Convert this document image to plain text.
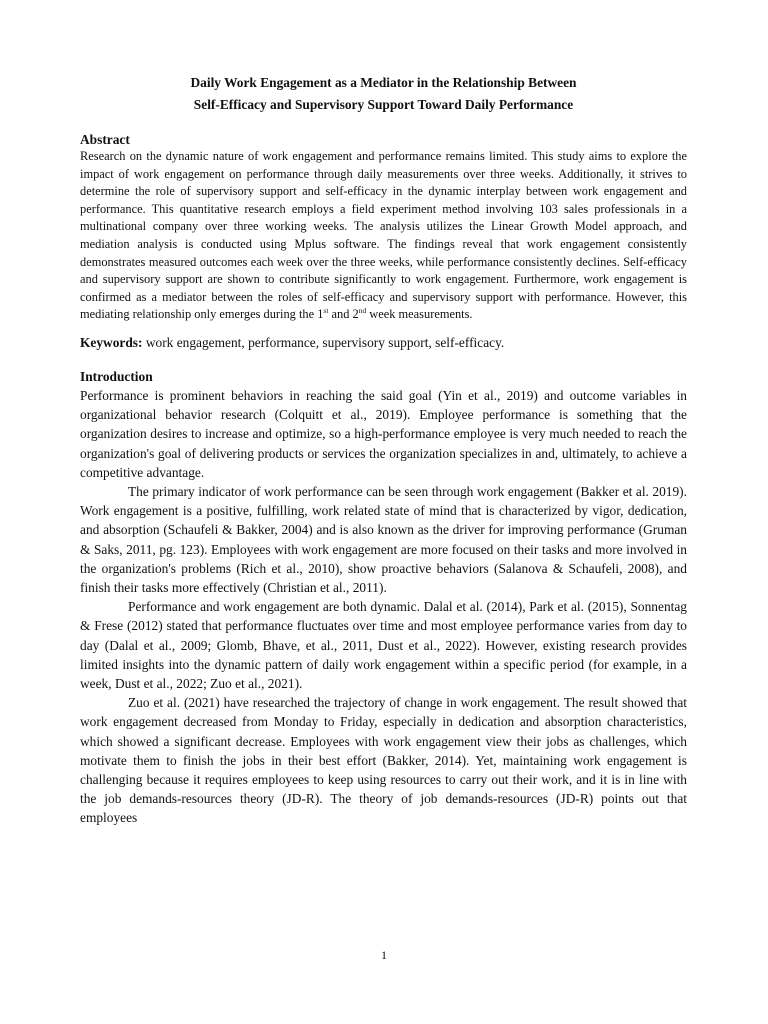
Daily Work Engagement as a Mediator in the Relationship Between
Self-Efficacy and Supervisory Support Toward Daily Performance

Abstract

Research on the dynamic nature of work engagement and performance remains limited. This study aims to explore the impact of work engagement on performance through daily measurements over three weeks. Additionally, it strives to determine the role of supervisory support and self-efficacy in the dynamic interplay between work engagement and performance. This quantitative research employs a field experiment method involving 103 sales professionals in a multinational company over three working weeks. The analysis utilizes the Linear Growth Model approach, and mediation analysis is conducted using Mplus software. The findings reveal that work engagement consistently demonstrates measured outcomes each week over the three weeks, while performance consistently declines. Self-efficacy and supervisory support are shown to contribute significantly to work engagement. Furthermore, work engagement is confirmed as a mediator between the roles of self-efficacy and supervisory support with performance. However, this mediating relationship only emerges during the 1st and 2nd week measurements.

Keywords: work engagement, performance, supervisory support, self-efficacy.

Introduction

Performance is prominent behaviors in reaching the said goal (Yin et al., 2019) and outcome variables in organizational behavior research (Colquitt et al., 2019). Employee performance is something that the organization desires to increase and optimize, so a high-performance employee is very much needed to reach the organization's goal of delivering products or services the organization specializes in and, ultimately, to achieve a competitive advantage.

The primary indicator of work performance can be seen through work engagement (Bakker et al. 2019). Work engagement is a positive, fulfilling, work related state of mind that is characterized by vigor, dedication, and absorption (Schaufeli & Bakker, 2004) and is also known as the driver for improving performance (Gruman & Saks, 2011, pg. 123). Employees with work engagement are more focused on their tasks and more involved in the organization's problems (Rich et al., 2010), show proactive behaviors (Salanova & Schaufeli, 2008), and finish their tasks more effectively (Christian et al., 2011).

Performance and work engagement are both dynamic. Dalal et al. (2014), Park et al. (2015), Sonnentag & Frese (2012) stated that performance fluctuates over time and most employee performance varies from day to day (Dalal et al., 2009; Glomb, Bhave, et al., 2011, Dust et al., 2022). However, existing research provides limited insights into the dynamic pattern of daily work engagement within a specific period (for example, in a week, Dust et al., 2022; Zuo et al., 2021).

Zuo et al. (2021) have researched the trajectory of change in work engagement. The result showed that work engagement decreased from Monday to Friday, especially in dedication and absorption characteristics, which showed a significant decrease. Employees with work engagement view their jobs as challenges, which motivate them to finish the jobs in their best effort (Bakker, 2014). Yet, maintaining work engagement is challenging because it requires employees to keep using resources to carry out their work, and it is in line with the job demands-resources theory (JD-R). The theory of job demands-resources (JD-R) points out that employees

1
